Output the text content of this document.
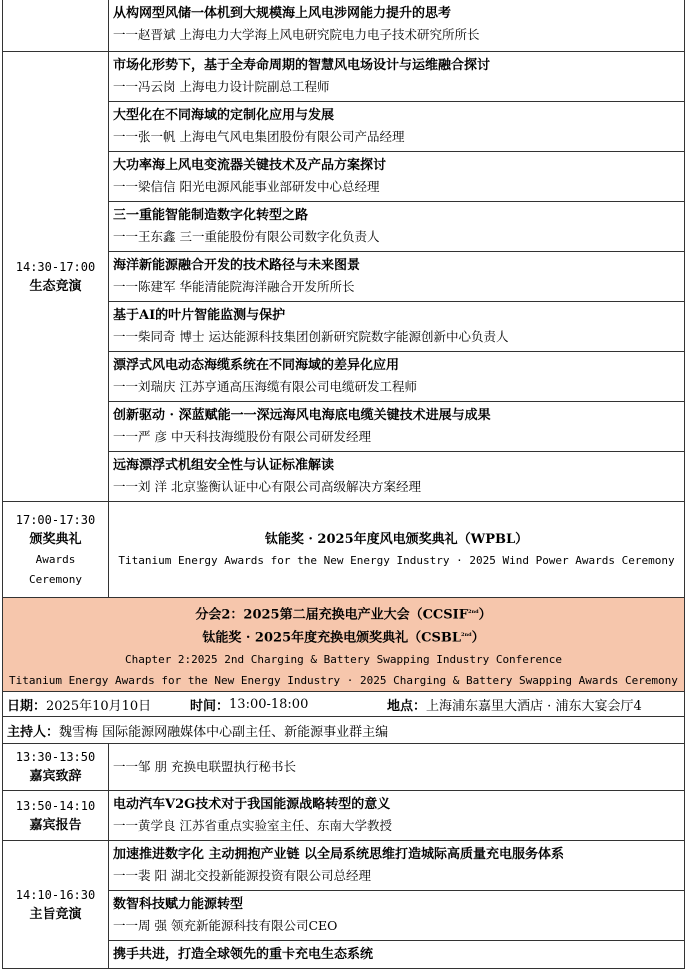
从构网型风储一体机到大规模海上风电涉网能力提升的思考
一一赵晋斌 上海电力大学海上风电研究院电力电子技术研究所所长
14:30-17:00
生态竞演
市场化形势下，基于全寿命周期的智慧风电场设计与运维融合探讨
一一冯云岗 上海电力设计院副总工程师
大型化在不同海域的定制化应用与发展
一一张一帆 上海电气风电集团股份有限公司产品经理
大功率海上风电变流器关键技术及产品方案探讨
一一梁信信 阳光电源风能事业部研发中心总经理
三一重能智能制造数字化转型之路
一一王东鑫 三一重能股份有限公司数字化负责人
海洋新能源融合开发的技术路径与未来图景
一一陈建军 华能清能院海洋融合开发所所长
基于AI的叶片智能监测与保护
一一柴同奇 博士 运达能源科技集团创新研究院数字能源创新中心负责人
漂浮式风电动态海缆系统在不同海域的差异化应用
一一刘瑞庆 江苏亨通高压海缆有限公司电缆研发工程师
创新驱动 · 深蓝赋能一一深远海风电海底电缆关键技术进展与成果
一一严 彦 中天科技海缆股份有限公司研发经理
远海漂浮式机组安全性与认证标准解读
一一刘 洋 北京鉴衡认证中心有限公司高级解决方案经理
17:00-17:30
颁奖典礼
Awards
Ceremony
钛能奖 · 2025年度风电颁奖典礼（WPBL）
Titanium Energy Awards for the New Energy Industry · 2025 Wind Power Awards Ceremony
分会2：2025第二届充换电产业大会$(CCSIF^{2nd})$
钛能奖 · 2025年度充换电颁奖典礼$(CSBL^{2nd})$
Chapter 2:2025 2nd Charging & Battery Swapping Industry Conference
Titanium Energy Awards for the New Energy Industry · 2025 Charging & Battery Swapping Awards Ceremony
日期： 2025年10月10日	时间： 13:00-18:00	地点： 上海浦东嘉里大酒店 · 浦东大宴会厅4
主持人： 魏雪梅 国际能源网融媒体中心副主任、新能源事业群主编
13:30-13:50
嘉宾致辞
一一邹 朋 充换电联盟执行秘书长
13:50-14:10
嘉宾报告
电动汽车V2G技术对于我国能源战略转型的意义
一一黄学良 江苏省重点实验室主任、东南大学教授
14:10-16:30
主旨竞演
加速推进数字化 主动拥抱产业链 以全局系统思维打造城际高质量充电服务体系
一一裴 阳 湖北交投新能源投资有限公司总经理
数智科技赋力能源转型
一一周 强 领充新能源科技有限公司CEO
携手共进，打造全球领先的重卡充电生态系统
